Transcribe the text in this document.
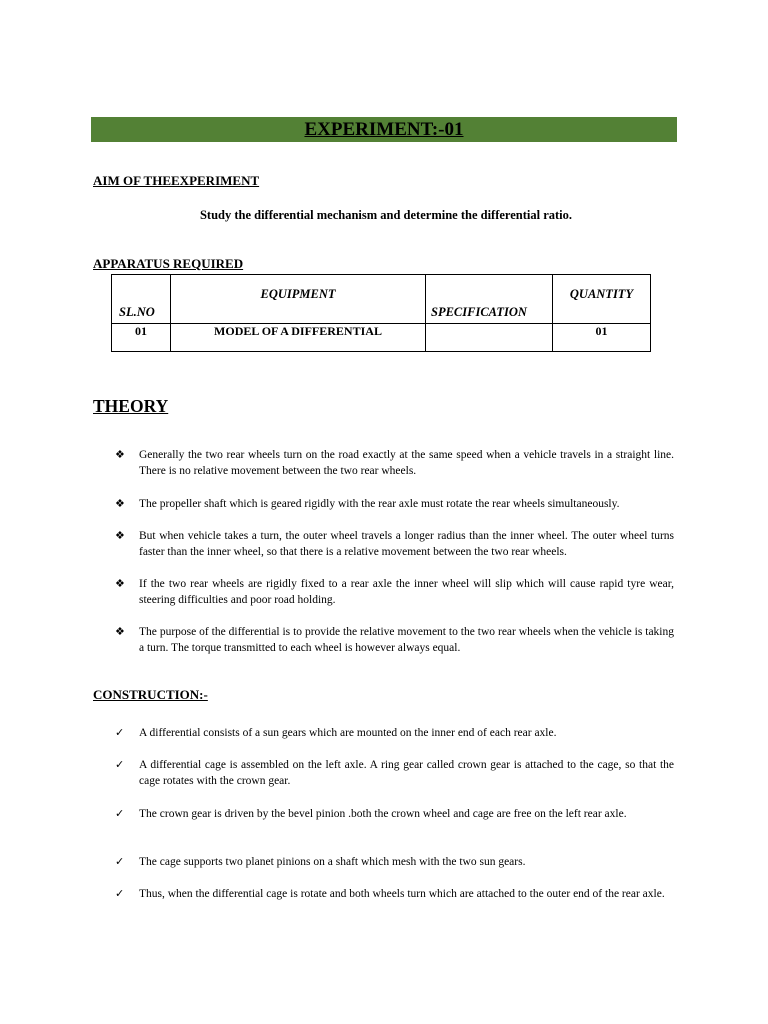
EXPERIMENT:-01
AIM OF THEEXPERIMENT
Study the differential mechanism and determine the differential ratio.
APPARATUS REQUIRED
SL.NO	EQUIPMENT	SPECIFICATION	QUANTITY

01	MODEL OF A DIFFERENTIAL		01
THEORY
❖ Generally the two rear wheels turn on the road exactly at the same speed when a vehicle travels in a straight line. There is no relative movement between the two rear wheels.
❖ The propeller shaft which is geared rigidly with the rear axle must rotate the rear wheels simultaneously.
❖ But when vehicle takes a turn, the outer wheel travels a longer radius than the inner wheel. The outer wheel turns faster than the inner wheel, so that there is a relative movement between the two rear wheels.
❖ If the two rear wheels are rigidly fixed to a rear axle the inner wheel will slip which will cause rapid tyre wear, steering difficulties and poor road holding.
❖ The purpose of the differential is to provide the relative movement to the two rear wheels when the vehicle is taking a turn. The torque transmitted to each wheel is however always equal.
CONSTRUCTION:-
✓ A differential consists of a sun gears which are mounted on the inner end of each rear axle.
✓ A differential cage is assembled on the left axle. A ring gear called crown gear is attached to the cage, so that the cage rotates with the crown gear.
✓ The crown gear is driven by the bevel pinion .both the crown wheel and cage are free on the left rear axle.
✓ The cage supports two planet pinions on a shaft which mesh with the two sun gears.
✓ Thus, when the differential cage is rotate and both wheels turn which are attached to the outer end of the rear axle.
